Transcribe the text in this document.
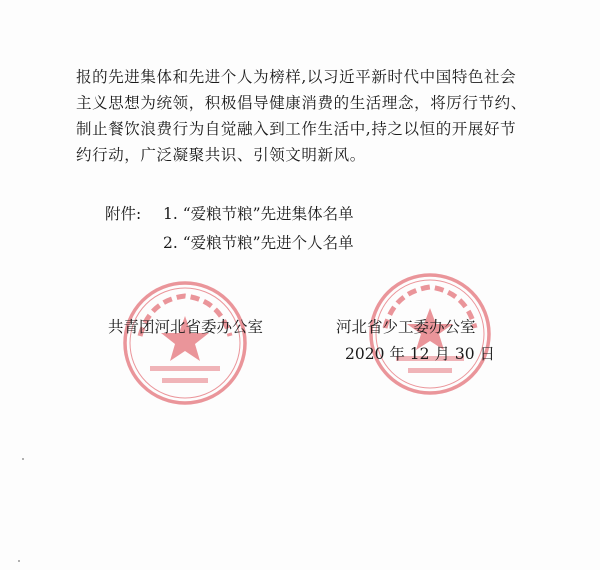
报的先进集体和先进个人为榜样,以习近平新时代中国特色社会
主义思想为统领，积极倡导健康消费的生活理念，将厉行节约、
制止餐饮浪费行为自觉融入到工作生活中,持之以恒的开展好节
约行动，广泛凝聚共识、引领文明新风。
附件:	1. “爱粮节粮”先进集体名单
2. “爱粮节粮”先进个人名单
共青团河北省委办公室	河北省少工委办公室
2020 年 12 月 30 日
